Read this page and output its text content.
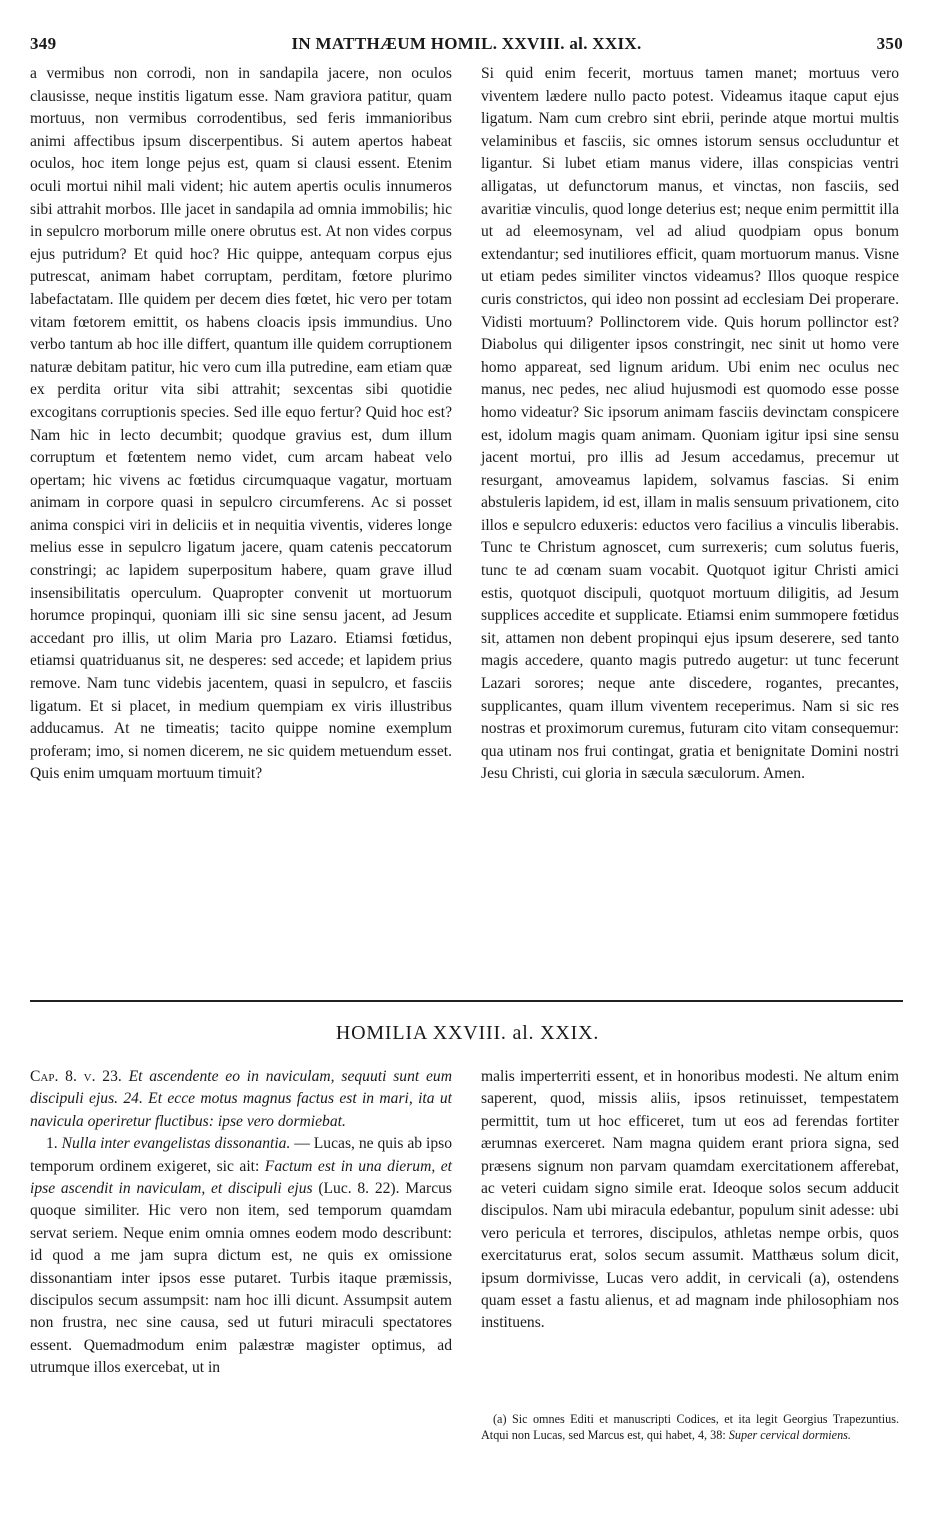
349	IN MATTHÆUM HOMIL. XXVIII. al. XXIX.	350

a vermibus non corrodi, non in sandapila jacere, non oculos clausisse, neque institis ligatum esse. Nam graviora patitur, quam mortuus, non vermibus corrodentibus, sed feris immanioribus animi affectibus ipsum discerpentibus. Si autem apertos habeat oculos, hoc item longe pejus est, quam si clausi essent. Etenim oculi mortui nihil mali vident; hic autem apertis oculis innumeros sibi attrahit morbos. Ille jacet in sandapila ad omnia immobilis; hic in sepulcro morborum mille onere obrutus est. At non vides corpus ejus putridum? Et quid hoc? Hic quippe, antequam corpus ejus putrescat, animam habet corruptam, perditam, fœtore plurimo labefactatam. Ille quidem per decem dies fœtet, hic vero per totam vitam fœtorem emittit, os habens cloacis ipsis immundius. Uno verbo tantum ab hoc ille differt, quantum ille quidem corruptionem naturæ debitam patitur, hic vero cum illa putredine, eam etiam quæ ex perdita oritur vita sibi attrahit; sexcentas sibi quotidie excogitans corruptionis species. Sed ille equo fertur? Quid hoc est? Nam hic in lecto decumbit; quodque gravius est, dum illum corruptum et fœtentem nemo videt, cum arcam habeat velo opertam; hic vivens ac fœtidus circumquaque vagatur, mortuam animam in corpore quasi in sepulcro circumferens. Ac si posset anima conspici viri in deliciis et in nequitia viventis, videres longe melius esse in sepulcro ligatum jacere, quam catenis peccatorum constringi; ac lapidem superpositum habere, quam grave illud insensibilitatis operculum. Quapropter convenit ut mortuorum horumce propinqui, quoniam illi sic sine sensu jacent, ad Jesum accedant pro illis, ut olim Maria pro Lazaro. Etiamsi fœtidus, etiamsi quatriduanus sit, ne desperes: sed accede; et lapidem prius remove. Nam tunc videbis jacentem, quasi in sepulcro, et fasciis ligatum. Et si placet, in medium quempiam ex viris illustribus adducamus. At ne timeatis; tacito quippe nomine exemplum proferam; imo, si nomen dicerem, ne sic quidem metuendum esset. Quis enim umquam mortuum timuit?

Si quid enim fecerit, mortuus tamen manet; mortuus vero viventem lædere nullo pacto potest. Videamus itaque caput ejus ligatum. Nam cum crebro sint ebrii, perinde atque mortui multis velaminibus et fasciis, sic omnes istorum sensus occluduntur et ligantur. Si lubet etiam manus videre, illas conspicias ventri alligatas, ut defunctorum manus, et vinctas, non fasciis, sed avaritiæ vinculis, quod longe deterius est; neque enim permittit illa ut ad eleemosynam, vel ad aliud quodpiam opus bonum extendantur; sed inutiliores efficit, quam mortuorum manus. Visne ut etiam pedes similiter vinctos videamus? Illos quoque respice curis constrictos, qui ideo non possint ad ecclesiam Dei properare. Vidisti mortuum? Pollinctorem vide. Quis horum pollinctor est? Diabolus qui diligenter ipsos constringit, nec sinit ut homo vere homo appareat, sed lignum aridum. Ubi enim nec oculus nec manus, nec pedes, nec aliud hujusmodi est quomodo esse posse homo videatur? Sic ipsorum animam fasciis devinctam conspicere est, idolum magis quam animam. Quoniam igitur ipsi sine sensu jacent mortui, pro illis ad Jesum accedamus, precemur ut resurgant, amoveamus lapidem, solvamus fascias. Si enim abstuleris lapidem, id est, illam in malis sensuum privationem, cito illos e sepulcro eduxeris: eductos vero facilius a vinculis liberabis. Tunc te Christum agnoscet, cum surrexeris; cum solutus fueris, tunc te ad cœnam suam vocabit. Quotquot igitur Christi amici estis, quotquot discipuli, quotquot mortuum diligitis, ad Jesum supplices accedite et supplicate. Etiamsi enim summopere fœtidus sit, attamen non debent propinqui ejus ipsum deserere, sed tanto magis accedere, quanto magis putredo augetur: ut tunc fecerunt Lazari sorores; neque ante discedere, rogantes, precantes, supplicantes, quam illum viventem receperimus. Nam si sic res nostras et proximorum curemus, futuram cito vitam consequemur: qua utinam nos frui contingat, gratia et benignitate Domini nostri Jesu Christi, cui gloria in sæcula sæculorum. Amen.

HOMILIA XXVIII. al. XXIX.

Cap. 8. v. 23. Et ascendente eo in naviculam, sequuti sunt eum discipuli ejus. 24. Et ecce motus magnus factus est in mari, ita ut navicula operiretur fluctibus: ipse vero dormiebat.

1. Nulla inter evangelistas dissonantia. — Lucas, ne quis ab ipso temporum ordinem exigeret, sic ait: Factum est in una dierum, et ipse ascendit in naviculam, et discipuli ejus (Luc. 8. 22). Marcus quoque similiter. Hic vero non item, sed temporum quamdam servat seriem. Neque enim omnia omnes eodem modo describunt: id quod a me jam supra dictum est, ne quis ex omissione dissonantiam inter ipsos esse putaret. Turbis itaque præmissis, discipulos secum assumpsit: nam hoc illi dicunt. Assumpsit autem non frustra, nec sine causa, sed ut futuri miraculi spectatores essent. Quemadmodum enim palæstræ magister optimus, ad utrumque illos exercebat, ut in

malis imperterriti essent, et in honoribus modesti. Ne altum enim saperent, quod, missis aliis, ipsos retinuisset, tempestatem permittit, tum ut hoc efficeret, tum ut eos ad ferendas fortiter ærumnas exerceret. Nam magna quidem erant priora signa, sed præsens signum non parvam quamdam exercitationem afferebat, ac veteri cuidam signo simile erat. Ideoque solos secum adducit discipulos. Nam ubi miracula edebantur, populum sinit adesse: ubi vero pericula et terrores, discipulos, athletas nempe orbis, quos exercitaturus erat, solos secum assumit. Matthæus solum dicit, ipsum dormivisse, Lucas vero addit, in cervicali (a), ostendens quam esset a fastu alienus, et ad magnam inde philosophiam nos instituens.

(a) Sic omnes Editi et manuscripti Codices, et ita legit Georgius Trapezuntius. Atqui non Lucas, sed Marcus est, qui habet, 4, 38: Super cervical dormiens.
